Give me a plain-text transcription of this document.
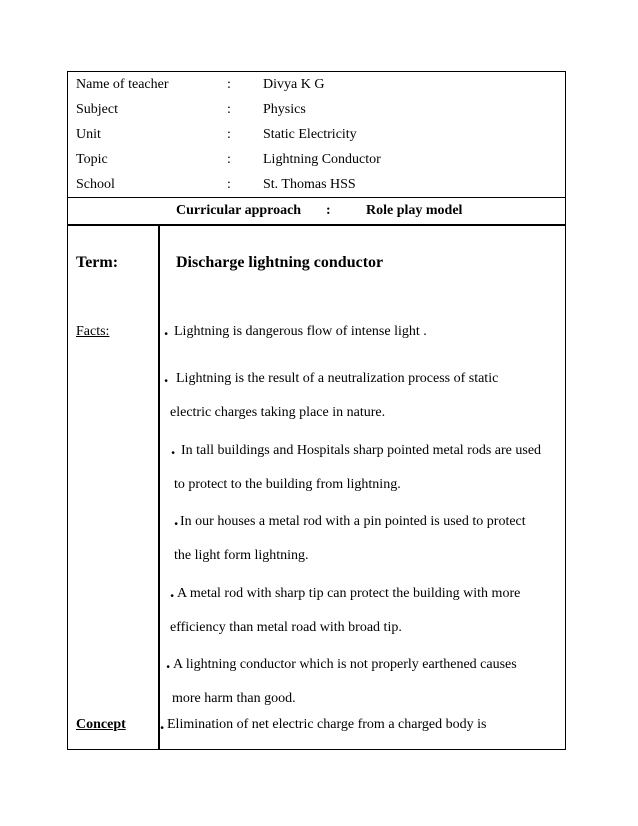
Name of teacher	: Divya K G
Subject	: Physics
Unit	: Static Electricity
Topic	: Lightning Conductor
School	: St. Thomas HSS
Curricular approach :	Role play model
Term:	Discharge lightning conductor
Facts:	. Lightning is dangerous flow of intense light .
. Lightning is the result of a neutralization process of static
electric charges taking place in nature.
. In tall buildings and Hospitals sharp pointed metal rods are used
to protect to the building from lightning.
. In our houses a metal rod with a pin pointed is used to protect
the light form lightning.
. A metal rod with sharp tip can protect the building with more
efficiency than metal road with broad tip.
. A lightning conductor which is not properly earthened causes
more harm than good.
Concept . Elimination of net electric charge from a charged body is
